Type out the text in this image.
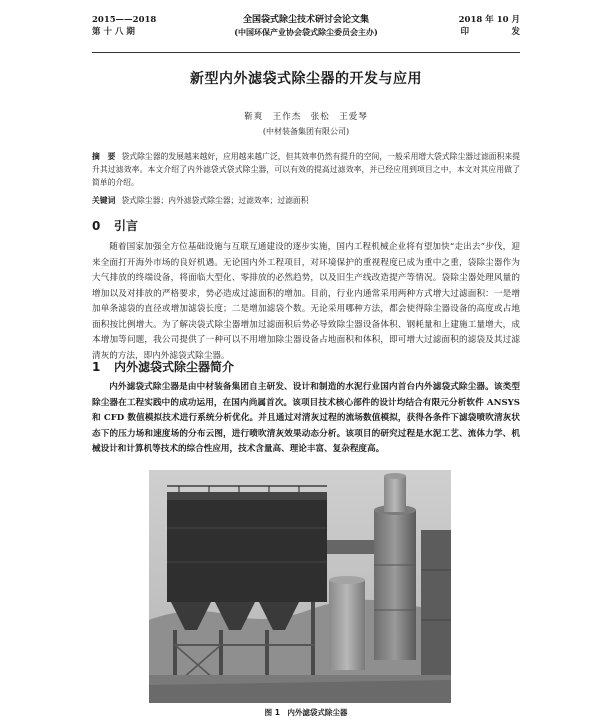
2015——2018
第 十 八 期
全国袋式除尘技术研讨会论文集
(中国环保产业协会袋式除尘委员会主办)
2018 年 10 月
印　　　　　发
新型内外滤袋式除尘器的开发与应用
靳爽　王作杰　张松　王爱琴
(中材装备集团有限公司)
摘　要 袋式除尘器的发展越来越好，应用越来越广泛，但其效率仍然有提升的空间，一般采用增大袋式除尘器过滤面积来提升其过滤效率。本文介绍了内外滤袋式袋式除尘器，可以有效的提高过滤效率，并已经应用到项目之中，本文对其应用做了简单的介绍。
关键词 袋式除尘器；内外滤袋式除尘器；过滤效率；过滤面积
0 引言
随着国家加强全方位基础设施与互联互通建设的逐步实施，国内工程机械企业将有望加快“走出去”步伐，迎来全面打开海外市场的良好机遇。无论国内外工程项目，对环境保护的重视程度已成为重中之重，袋除尘器作为大气排放的终端设备，将面临大型化、零排放的必然趋势，以及旧生产线改造提产等情况。袋除尘器处理风量的增加以及对排放的严格要求，势必造成过滤面积的增加。目前，行业内通常采用两种方式增大过滤面积：一是增加单条滤袋的直径或增加滤袋长度；二是增加滤袋个数。无论采用哪种方法，都会使得除尘器设备的高度或占地面积按比例增大。为了解决袋式除尘器增加过滤面积后势必导致除尘器设备体积、钢耗量和上建施工量增大，成本增加等问题，我公司提供了一种可以不用增加除尘器设备占地面积和体积，即可增大过滤面积的滤袋及其过滤清灰的方法，即内外滤袋式除尘器。
1 内外滤袋式除尘器简介
内外滤袋式除尘器是由中材装备集团自主研发、设计和制造的水泥行业国内首台内外滤袋式除尘器。该类型除尘器在工程实践中的成功运用，在国内尚属首次。该项目技术核心部件的设计均结合有限元分析软件 ANSYS 和 CFD 数值模拟技术进行系统分析优化。并且通过对清灰过程的流场数值模拟，获得各条件下滤袋喷吹清灰状态下的压力场和速度场的分布云图，进行喷吹清灰效果动态分析。该项目的研究过程是水泥工艺、流体力学、机械设计和计算机等技术的综合性应用，技术含量高、理论丰富、复杂程度高。
图 1　内外滤袋式除尘器
